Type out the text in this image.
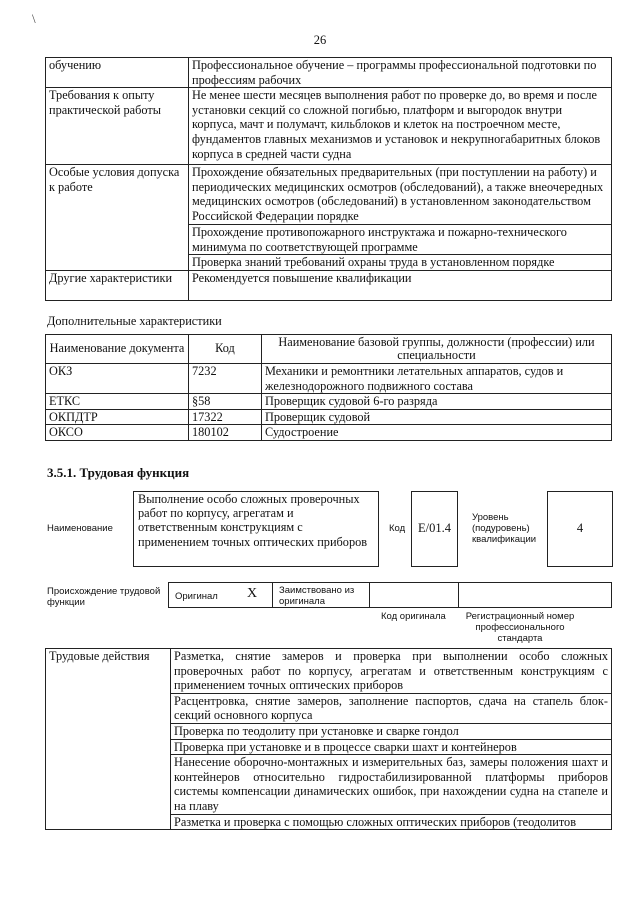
\
26
обучению	Профессиональное обучение – программы профессиональной подготовки по профессиям рабочих
Требования к опыту практической работы	Не менее шести месяцев выполнения работ по проверке до, во время и после установки секций со сложной погибью, платформ и выгородок внутри корпуса, мачт и полумачт, кильблоков и клеток на построечном месте, фундаментов главных механизмов и установок и некрупногабаритных блоков корпуса в средней части судна
Особые условия допуска к работе	Прохождение обязательных предварительных (при поступлении на работу) и периодических медицинских осмотров (обследований), а также внеочередных медицинских осмотров (обследований) в установленном законодательством Российской Федерации порядке
	Прохождение противопожарного инструктажа и пожарно-технического минимума по соответствующей программе
	Проверка знаний требований охраны труда в установленном порядке
Другие характеристики	Рекомендуется повышение квалификации
Дополнительные характеристики
Наименование документа	Код	Наименование базовой группы, должности (профессии) или специальности
ОКЗ	7232	Механики и ремонтники летательных аппаратов, судов и железнодорожного подвижного состава
ЕТКС	§58	Проверщик судовой 6-го разряда
ОКПДТР	17322	Проверщик судовой
ОКСО	180102	Судостроение
3.5.1. Трудовая функция
Наименование
Выполнение особо сложных проверочных работ по корпусу, агрегатам и ответственным конструкциям с применением точных оптических приборов
Код	E/01.4
Уровень (подуровень) квалификации
4
Происхождение трудовой функции
Оригинал X Заимствовано из оригинала
Код оригинала	Регистрационный номер профессионального стандарта
Трудовые действия	Разметка, снятие замеров и проверка при выполнении особо сложных проверочных работ по корпусу, агрегатам и ответственным конструкциям с применением точных оптических приборов
Расцентровка, снятие замеров, заполнение паспортов, сдача на стапель блок-секций основного корпуса
Проверка по теодолиту при установке и сварке гондол
Проверка при установке и в процессе сварки шахт и контейнеров
Нанесение оборочно-монтажных и измерительных баз, замеры положения шахт и контейнеров относительно гидростабилизированной платформы приборов системы компенсации динамических ошибок, при нахождении судна на стапеле и на плаву
Разметка и проверка с помощью сложных оптических приборов (теодолитов
